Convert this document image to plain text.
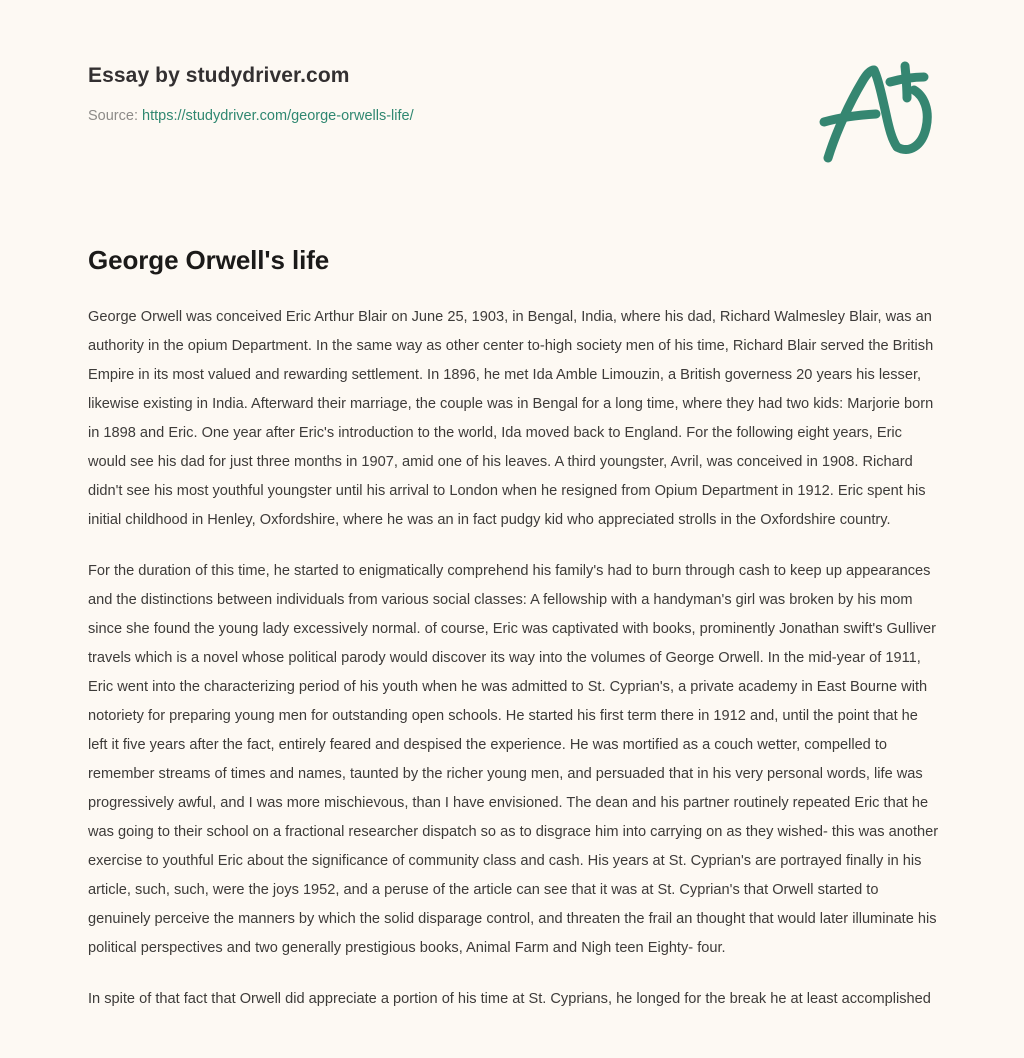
Essay by studydriver.com
Source: https://studydriver.com/george-orwells-life/
George Orwell's life

George Orwell was conceived Eric Arthur Blair on June 25, 1903, in Bengal, India, where his dad, Richard Walmesley Blair, was an authority in the opium Department. In the same way as other center to-high society men of his time, Richard Blair served the British Empire in its most valued and rewarding settlement. In 1896, he met Ida Amble Limouzin, a British governess 20 years his lesser, likewise existing in India. Afterward their marriage, the couple was in Bengal for a long time, where they had two kids: Marjorie born in 1898 and Eric. One year after Eric's introduction to the world, Ida moved back to England. For the following eight years, Eric would see his dad for just three months in 1907, amid one of his leaves. A third youngster, Avril, was conceived in 1908. Richard didn't see his most youthful youngster until his arrival to London when he resigned from Opium Department in 1912. Eric spent his initial childhood in Henley, Oxfordshire, where he was an in fact pudgy kid who appreciated strolls in the Oxfordshire country.

For the duration of this time, he started to enigmatically comprehend his family's had to burn through cash to keep up appearances and the distinctions between individuals from various social classes: A fellowship with a handyman's girl was broken by his mom since she found the young lady excessively normal. of course, Eric was captivated with books, prominently Jonathan swift's Gulliver travels which is a novel whose political parody would discover its way into the volumes of George Orwell. In the mid-year of 1911, Eric went into the characterizing period of his youth when he was admitted to St. Cyprian's, a private academy in East Bourne with notoriety for preparing young men for outstanding open schools. He started his first term there in 1912 and, until the point that he left it five years after the fact, entirely feared and despised the experience. He was mortified as a couch wetter, compelled to remember streams of times and names, taunted by the richer young men, and persuaded that in his very personal words, life was progressively awful, and I was more mischievous, than I have envisioned. The dean and his partner routinely repeated Eric that he was going to their school on a fractional researcher dispatch so as to disgrace him into carrying on as they wished- this was another exercise to youthful Eric about the significance of community class and cash. His years at St. Cyprian's are portrayed finally in his article, such, such, were the joys 1952, and a peruse of the article can see that it was at St. Cyprian's that Orwell started to genuinely perceive the manners by which the solid disparage control, and threaten the frail an thought that would later illuminate his political perspectives and two generally prestigious books, Animal Farm and Nigh teen Eighty- four.

In spite of that fact that Orwell did appreciate a portion of his time at St. Cyprians, he longed for the break he at least accomplished
